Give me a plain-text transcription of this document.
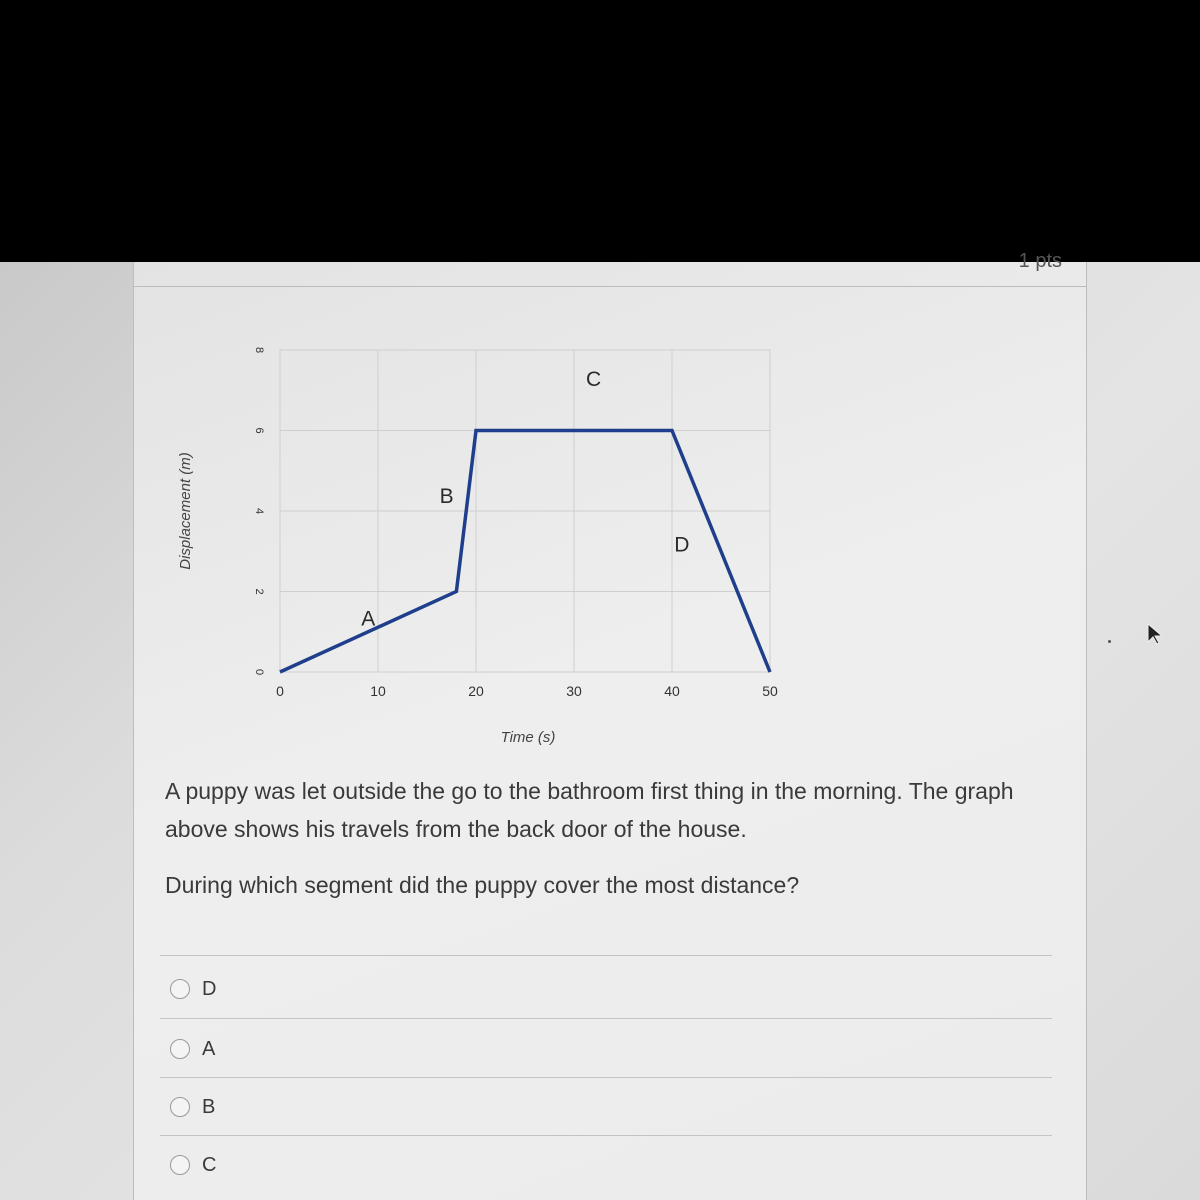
1 pts
0
2
4
6
8
0	10	20	30	40	50
A
B
C
D
Displacement (m)
Time (s)
A puppy was let outside the go to the bathroom first thing in the morning. The graph above shows his travels from the back door of the house.
During which segment did the puppy cover the most distance?
D
A
B
C
